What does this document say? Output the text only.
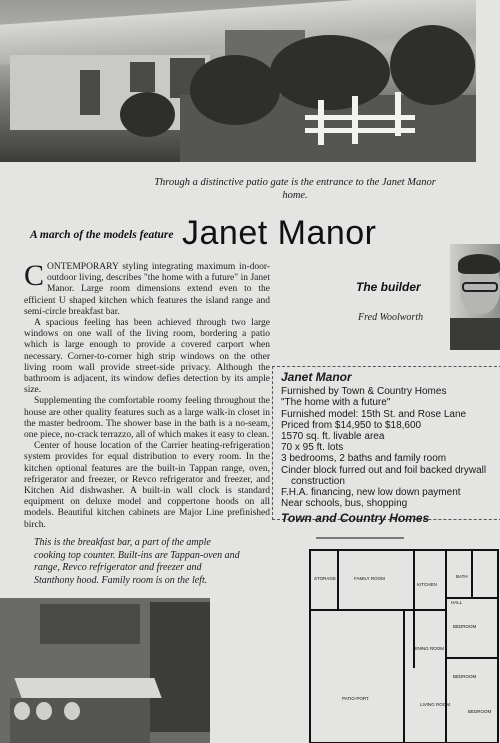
Through a distinctive patio gate is the entrance to the Janet Manor home.
A march of the models feature Janet Manor

CONTEMPORARY styling integrating maximum in-door-outdoor living, describes "the home with a future" in Janet Manor. Large room dimensions extend even to the efficient U shaped kitchen which features the island range and semi-circle breakfast bar.

A spacious feeling has been achieved through two large windows on one wall of the living room, bordering a patio which is large enough to provide a covered carport when necessary. Corner-to-corner high strip windows on the other living room wall provide street-side privacy. Although the bathroom is adjacent, its window defies detection by its ample size.

Supplementing the comfortable roomy feeling throughout the house are other quality features such as a large walk-in closet in the master bedroom. The shower base in the bath is a no-seam, one piece, no-crack terrazzo, all of which makes it easy to clean.

Center of house location of the Carrier heating-refrigeration system provides for equal distribution to every room. In the kitchen optional features are the built-in Tappan range, oven, refrigerator and freezer, or Revco refrigerator and freezer, and Kitchen Aid dishwasher. A built-in wall clock is standard equipment on deluxe model and coppertone hoods on all models. Beautiful kitchen cabinets are Major Line prefinished birch.

The builder
Fred Woolworth
Janet Manor
Furnished by Town & Country Homes
"The home with a future"
Furnished model: 15th St. and Rose Lane
Priced from $14,950 to $18,600
1570 sq. ft. livable area
70 x 95 ft. lots
3 bedrooms, 2 baths and family room
Cinder block furred out and foil backed drywall
construction
F.H.A. financing, new low down payment
Near schools, bus, shopping
Town and Country Homes
This is the breakfast bar, a part of the ample cooking top counter. Built-ins are Tappan-oven and range, Revco refrigerator and freezer and Stanthony hood. Family room is on the left.	STORAGE	FAMILY ROOM
KITCHEN
DINING ROOM
LIVING ROOM
PATIO-PORT
BATH
BEDROOM
BEDROOM
BEDROOM
HALL
